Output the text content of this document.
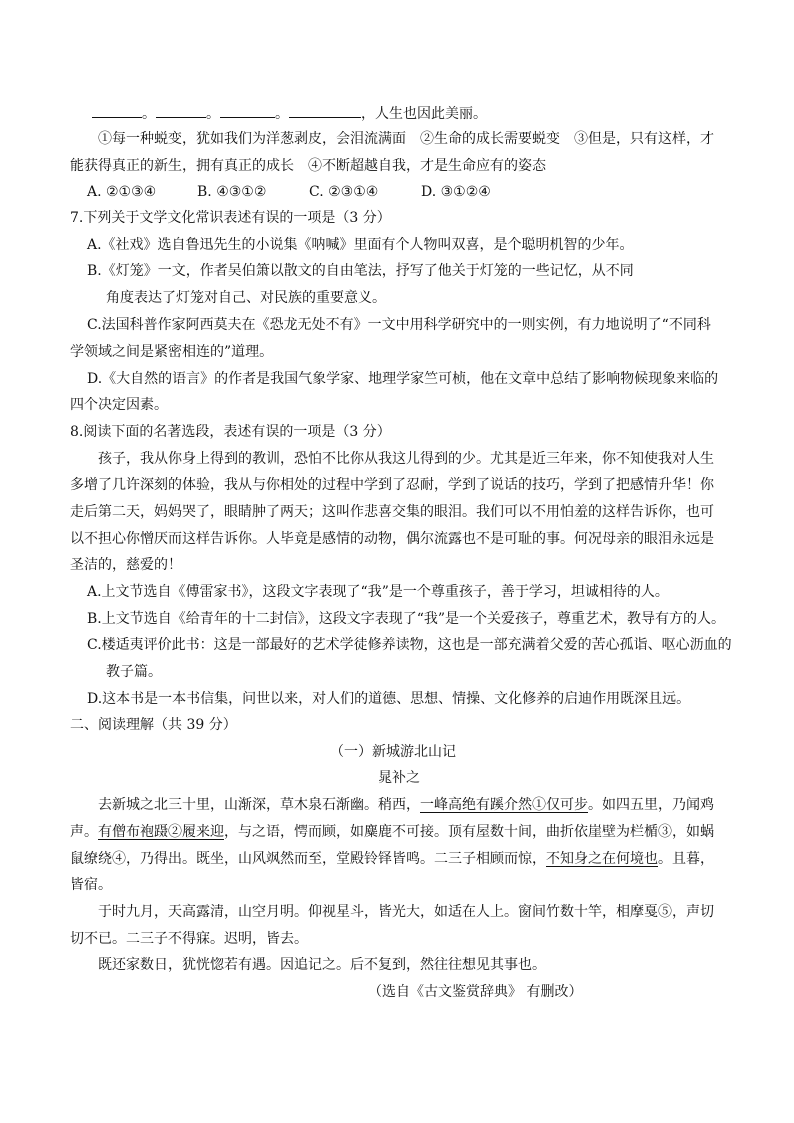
。	。	。	，人生也因此美丽。
①每一种蜕变，犹如我们为洋葱剥皮，会泪流满面　②生命的成长需要蜕变　③但是，只有这样，才
能获得真正的新生，拥有真正的成长　④不断超越自我，才是生命应有的姿态
A. ②①③④	B. ④③①②	C. ②③①④	D. ③①②④
7.下列关于文学文化常识表述有误的一项是（3 分）
A.《社戏》选自鲁迅先生的小说集《呐喊》里面有个人物叫双喜，是个聪明机智的少年。
B.《灯笼》一文，作者吴伯箫以散文的自由笔法，抒写了他关于灯笼的一些记忆，从不同
角度表达了灯笼对自己、对民族的重要意义。
C.法国科普作家阿西莫夫在《恐龙无处不有》一文中用科学研究中的一则实例，有力地说明了“不同科
学领域之间是紧密相连的”道理。
D.《大自然的语言》的作者是我国气象学家、地理学家竺可桢，他在文章中总结了影响物候现象来临的
四个决定因素。
8.阅读下面的名著选段，表述有误的一项是（3 分）
孩子，我从你身上得到的教训，恐怕不比你从我这儿得到的少。尤其是近三年来，你不知使我对人生
多增了几许深刻的体验，我从与你相处的过程中学到了忍耐，学到了说话的技巧，学到了把感情升华！你
走后第二天，妈妈哭了，眼睛肿了两天；这叫作悲喜交集的眼泪。我们可以不用怕羞的这样告诉你，也可
以不担心你憎厌而这样告诉你。人毕竟是感情的动物，偶尔流露也不是可耻的事。何况母亲的眼泪永远是
圣洁的，慈爱的！
A.上文节选自《傅雷家书》，这段文字表现了“我”是一个尊重孩子，善于学习，坦诚相待的人。
B.上文节选自《给青年的十二封信》，这段文字表现了“我”是一个关爱孩子，尊重艺术，教导有方的人。
C.楼适夷评价此书：这是一部最好的艺术学徒修养读物，这也是一部充满着父爱的苦心孤诣、呕心沥血的
教子篇。
D.这本书是一本书信集，问世以来，对人们的道德、思想、情操、文化修养的启迪作用既深且远。
二、阅读理解（共 39 分）
（一）新城游北山记
晁补之
去新城之北三十里，山渐深，草木泉石渐幽。稍西，一峰高绝有蹊介然①仅可步。如四五里，乃闻鸡
声。有僧布袍蹑②履来迎，与之语，愕而顾，如麋鹿不可接。顶有屋数十间，曲折依崖壁为栏楯③，如蜗
鼠缭绕④，乃得出。既坐，山风飒然而至，堂殿铃铎皆鸣。二三子相顾而惊，不知身之在何境也。且暮，
皆宿。
于时九月，天高露清，山空月明。仰视星斗，皆光大，如适在人上。窗间竹数十竿，相摩戛⑤，声切
切不已。二三子不得寐。迟明，皆去。
既还家数日，犹恍惚若有遇。因追记之。后不复到，然往往想见其事也。
（选自《古文鉴赏辞典》 有删改）
